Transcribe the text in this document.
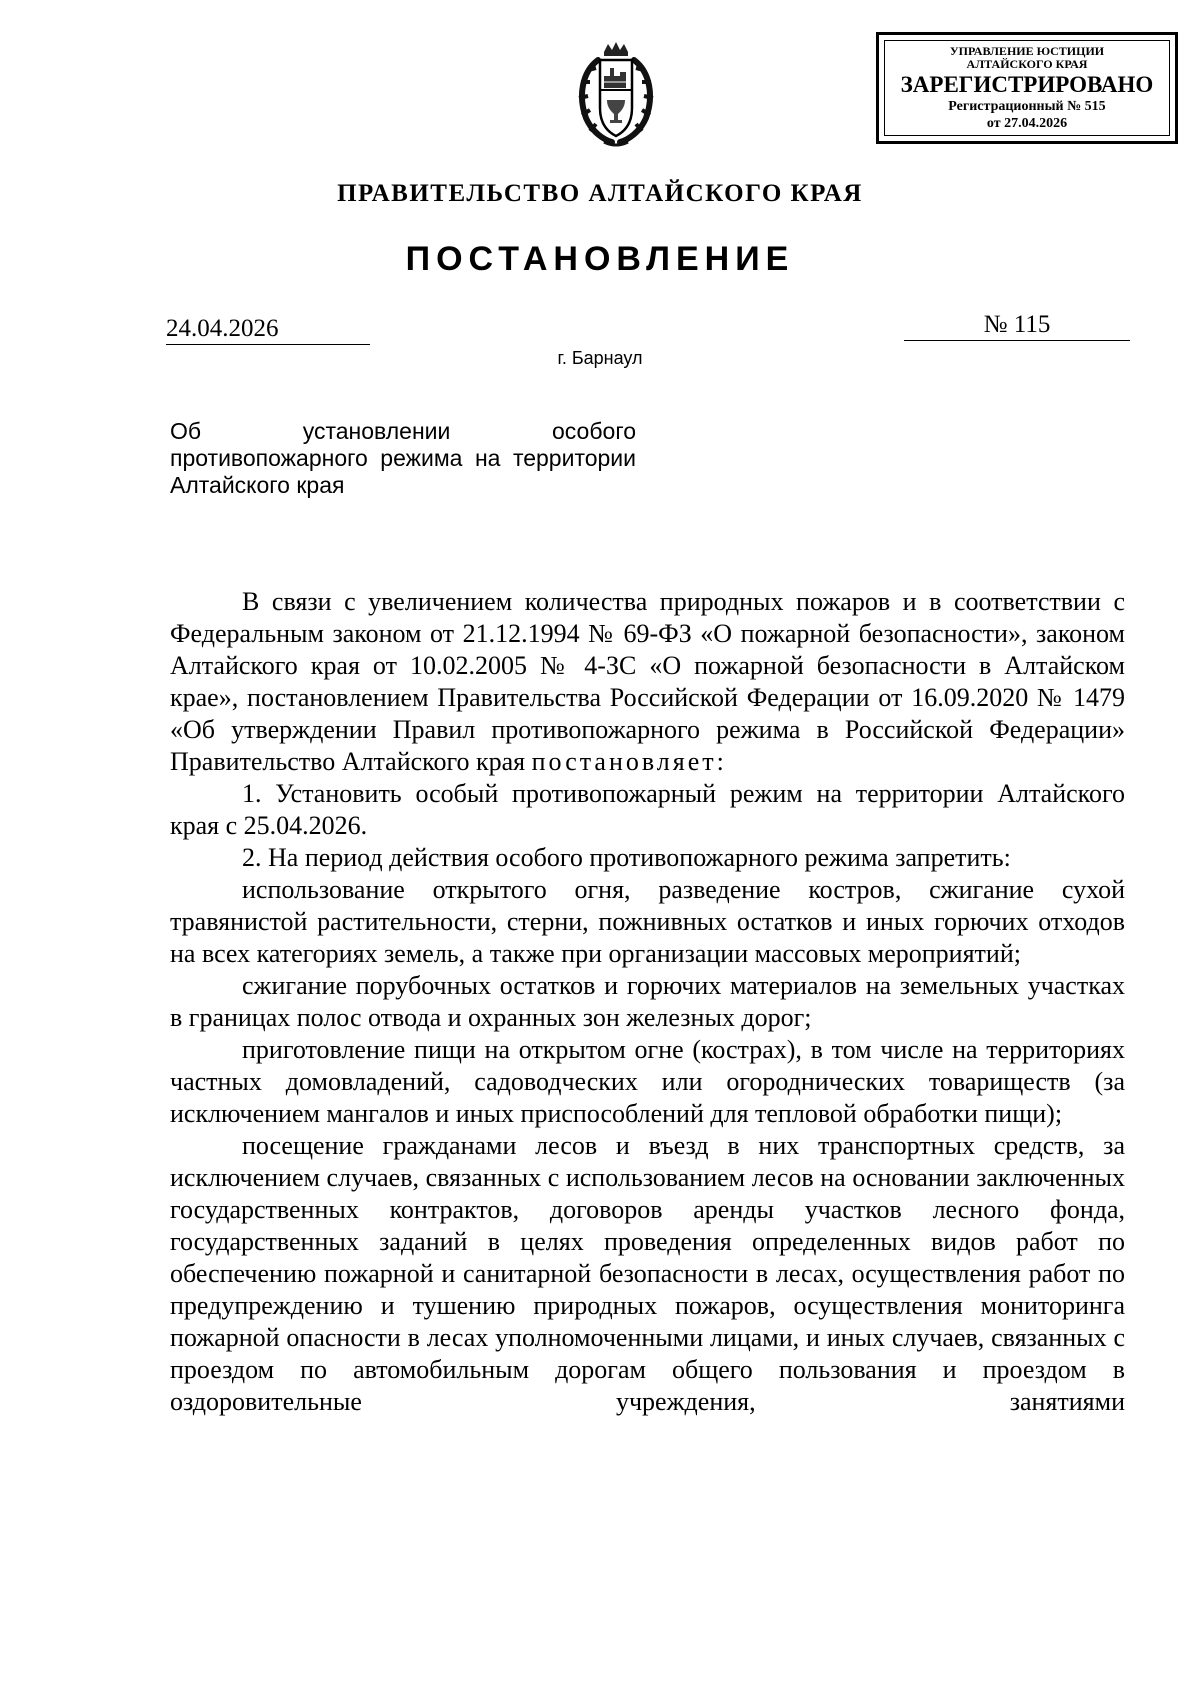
УПРАВЛЕНИЕ ЮСТИЦИИ
АЛТАЙСКОГО КРАЯ
ЗАРЕГИСТРИРОВАНО
Регистрационный № 515
от 27.04.2026
ПРАВИТЕЛЬСТВО АЛТАЙСКОГО КРАЯ
ПОСТАНОВЛЕНИЕ
24.04.2026	№ 115
г. Барнаул
Об установлении особого противопожарного режима на территории Алтайского края

В связи с увеличением количества природных пожаров и в соответствии с Федеральным законом от 21.12.1994 № 69-ФЗ «О пожарной безопасности», законом Алтайского края от 10.02.2005 № 4-ЗС «О пожарной безопасности в Алтайском крае», постановлением Правительства Российской Федерации от 16.09.2020 № 1479 «Об утверждении Правил противопожарного режима в Российской Федерации» Правительство Алтайского края постановляет:

1. Установить особый противопожарный режим на территории Алтайского края с 25.04.2026.

2. На период действия особого противопожарного режима запретить:

использование открытого огня, разведение костров, сжигание сухой травянистой растительности, стерни, пожнивных остатков и иных горючих отходов на всех категориях земель, а также при организации массовых мероприятий;

сжигание порубочных остатков и горючих материалов на земельных участках в границах полос отвода и охранных зон железных дорог;

приготовление пищи на открытом огне (кострах), в том числе на территориях частных домовладений, садоводческих или огороднических товариществ (за исключением мангалов и иных приспособлений для тепловой обработки пищи);

посещение гражданами лесов и въезд в них транспортных средств, за исключением случаев, связанных с использованием лесов на основании заключенных государственных контрактов, договоров аренды участков лесного фонда, государственных заданий в целях проведения определенных видов работ по обеспечению пожарной и санитарной безопасности в лесах, осуществления работ по предупреждению и тушению природных пожаров, осуществления мониторинга пожарной опасности в лесах уполномоченными лицами, и иных случаев, связанных с проездом по автомобильным дорогам общего пользования и проездом в оздоровительные учреждения, занятиями
